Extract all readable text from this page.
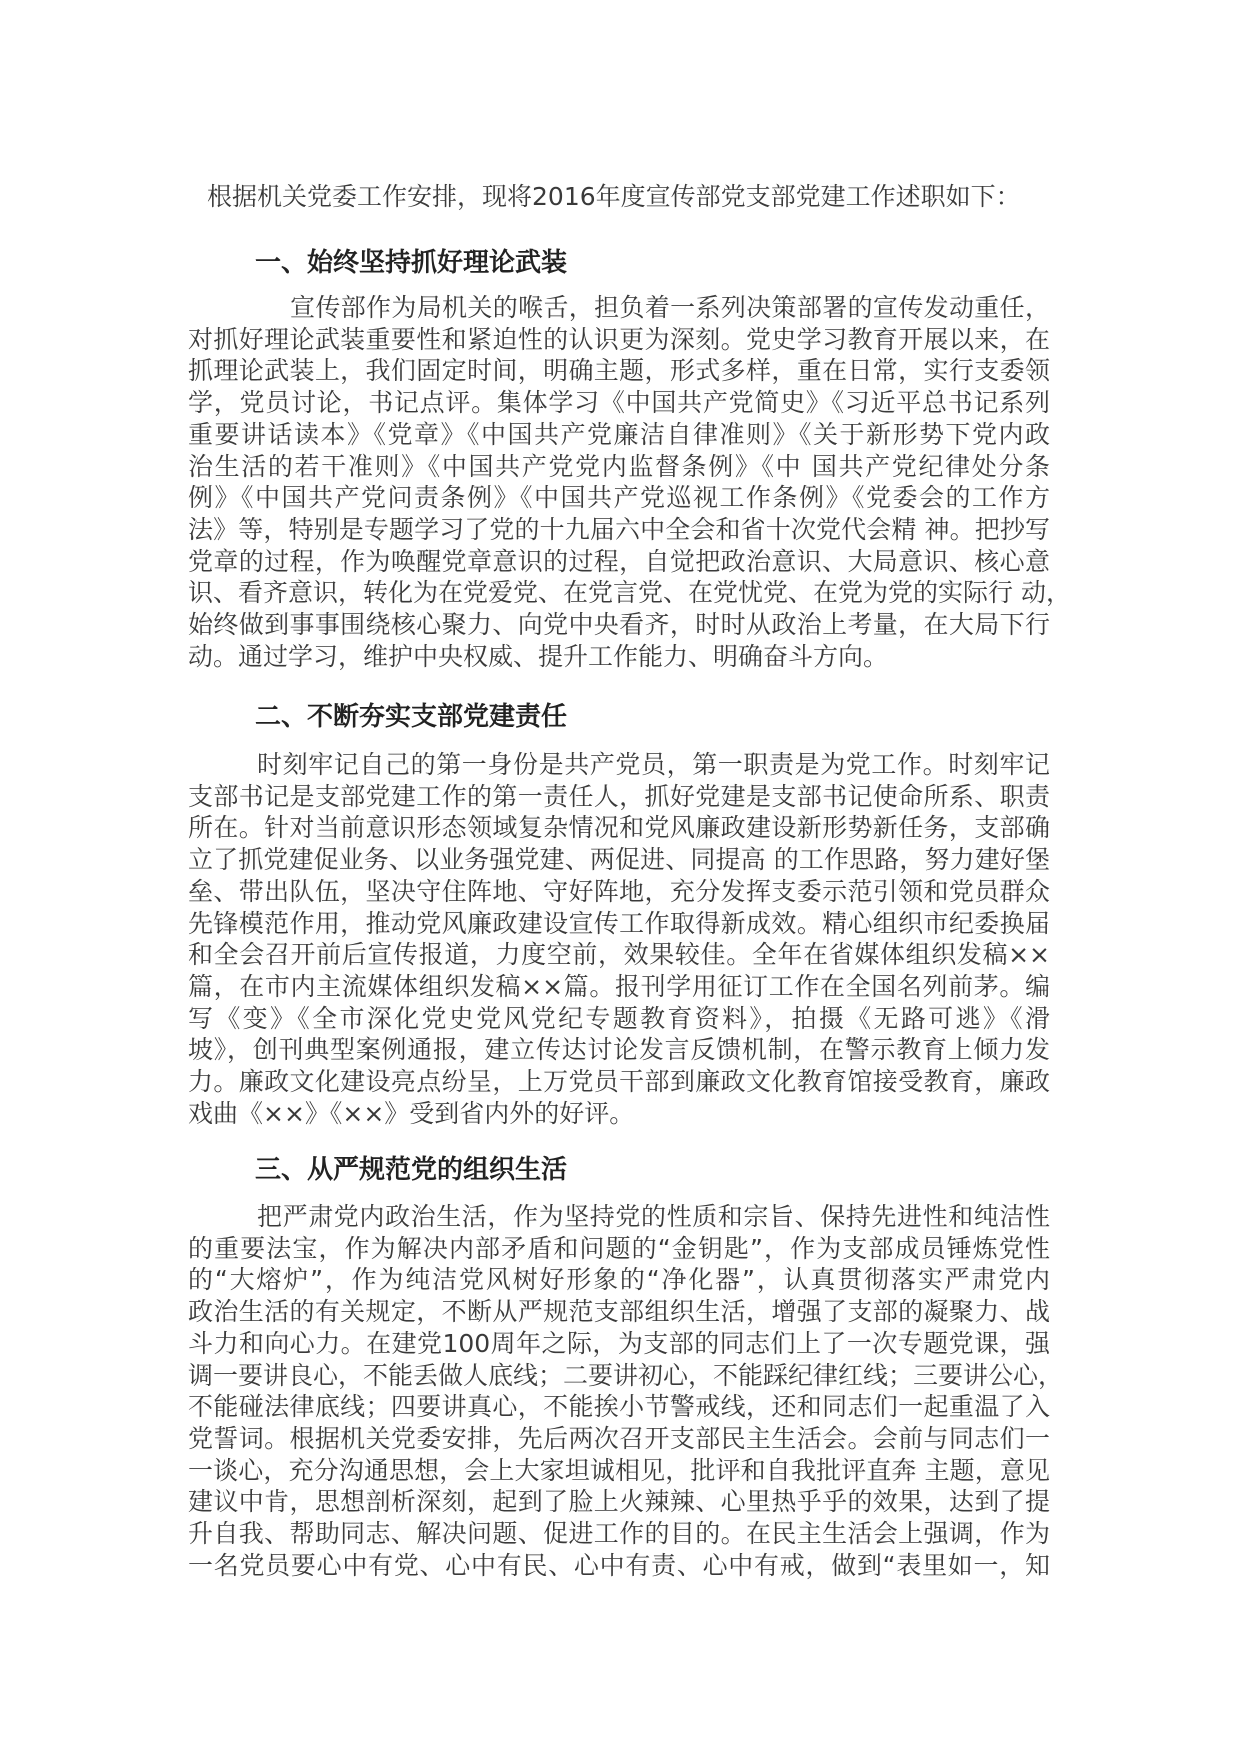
根据机关党委工作安排，现将2016年度宣传部党支部党建工作述职如下：
一、始终坚持抓好理论武装
宣传部作为局机关的喉舌，担负着一系列决策部署的宣传发动重任，
对抓好理论武装重要性和紧迫性的认识更为深刻。党史学习教育开展以来，在
抓理论武装上，我们固定时间，明确主题，形式多样，重在日常，实行支委领
学，党员讨论，书记点评。集体学习《中国共产党简史》《习近平总书记系列
重要讲话读本》《党章》《中国共产党廉洁自律准则》《关于新形势下党内政
治生活的若干准则》《中国共产党党内监督条例》《中 国共产党纪律处分条
例》《中国共产党问责条例》《中国共产党巡视工作条例》《党委会的工作方
法》等，特别是专题学习了党的十九届六中全会和省十次党代会精 神。把抄写
党章的过程，作为唤醒党章意识的过程，自觉把政治意识、大局意识、核心意
识、看齐意识，转化为在党爱党、在党言党、在党忧党、在党为党的实际行 动，
始终做到事事围绕核心聚力、向党中央看齐，时时从政治上考量，在大局下行
动。通过学习，维护中央权威、提升工作能力、明确奋斗方向。
二、不断夯实支部党建责任
时刻牢记自己的第一身份是共产党员，第一职责是为党工作。时刻牢记
支部书记是支部党建工作的第一责任人，抓好党建是支部书记使命所系、职责
所在。针对当前意识形态领域复杂情况和党风廉政建设新形势新任务，支部确
立了抓党建促业务、以业务强党建、两促进、同提高 的工作思路，努力建好堡
垒、带出队伍，坚决守住阵地、守好阵地，充分发挥支委示范引领和党员群众
先锋模范作用，推动党风廉政建设宣传工作取得新成效。精心组织市纪委换届
和全会召开前后宣传报道，力度空前，效果较佳。全年在省媒体组织发稿××
篇，在市内主流媒体组织发稿××篇。报刊学用征订工作在全国名列前茅。编
写《变》《全市深化党史党风党纪专题教育资料》，拍摄《无路可逃》《滑
坡》，创刊典型案例通报，建立传达讨论发言反馈机制，在警示教育上倾力发
力。廉政文化建设亮点纷呈，上万党员干部到廉政文化教育馆接受教育，廉政
戏曲《××》《××》受到省内外的好评。
三、从严规范党的组织生活
把严肃党内政治生活，作为坚持党的性质和宗旨、保持先进性和纯洁性
的重要法宝，作为解决内部矛盾和问题的“金钥匙”，作为支部成员锤炼党性
的“大熔炉”，作为纯洁党风树好形象的“净化器”，认真贯彻落实严肃党内
政治生活的有关规定，不断从严规范支部组织生活，增强了支部的凝聚力、战
斗力和向心力。在建党100周年之际，为支部的同志们上了一次专题党课，强
调一要讲良心，不能丢做人底线；二要讲初心，不能踩纪律红线；三要讲公心，
不能碰法律底线；四要讲真心，不能挨小节警戒线，还和同志们一起重温了入
党誓词。根据机关党委安排，先后两次召开支部民主生活会。会前与同志们一
一谈心，充分沟通思想，会上大家坦诚相见，批评和自我批评直奔 主题，意见
建议中肯，思想剖析深刻，起到了脸上火辣辣、心里热乎乎的效果，达到了提
升自我、帮助同志、解决问题、促进工作的目的。在民主生活会上强调，作为
一名党员要心中有党、心中有民、心中有责、心中有戒，做到“表里如一，知
